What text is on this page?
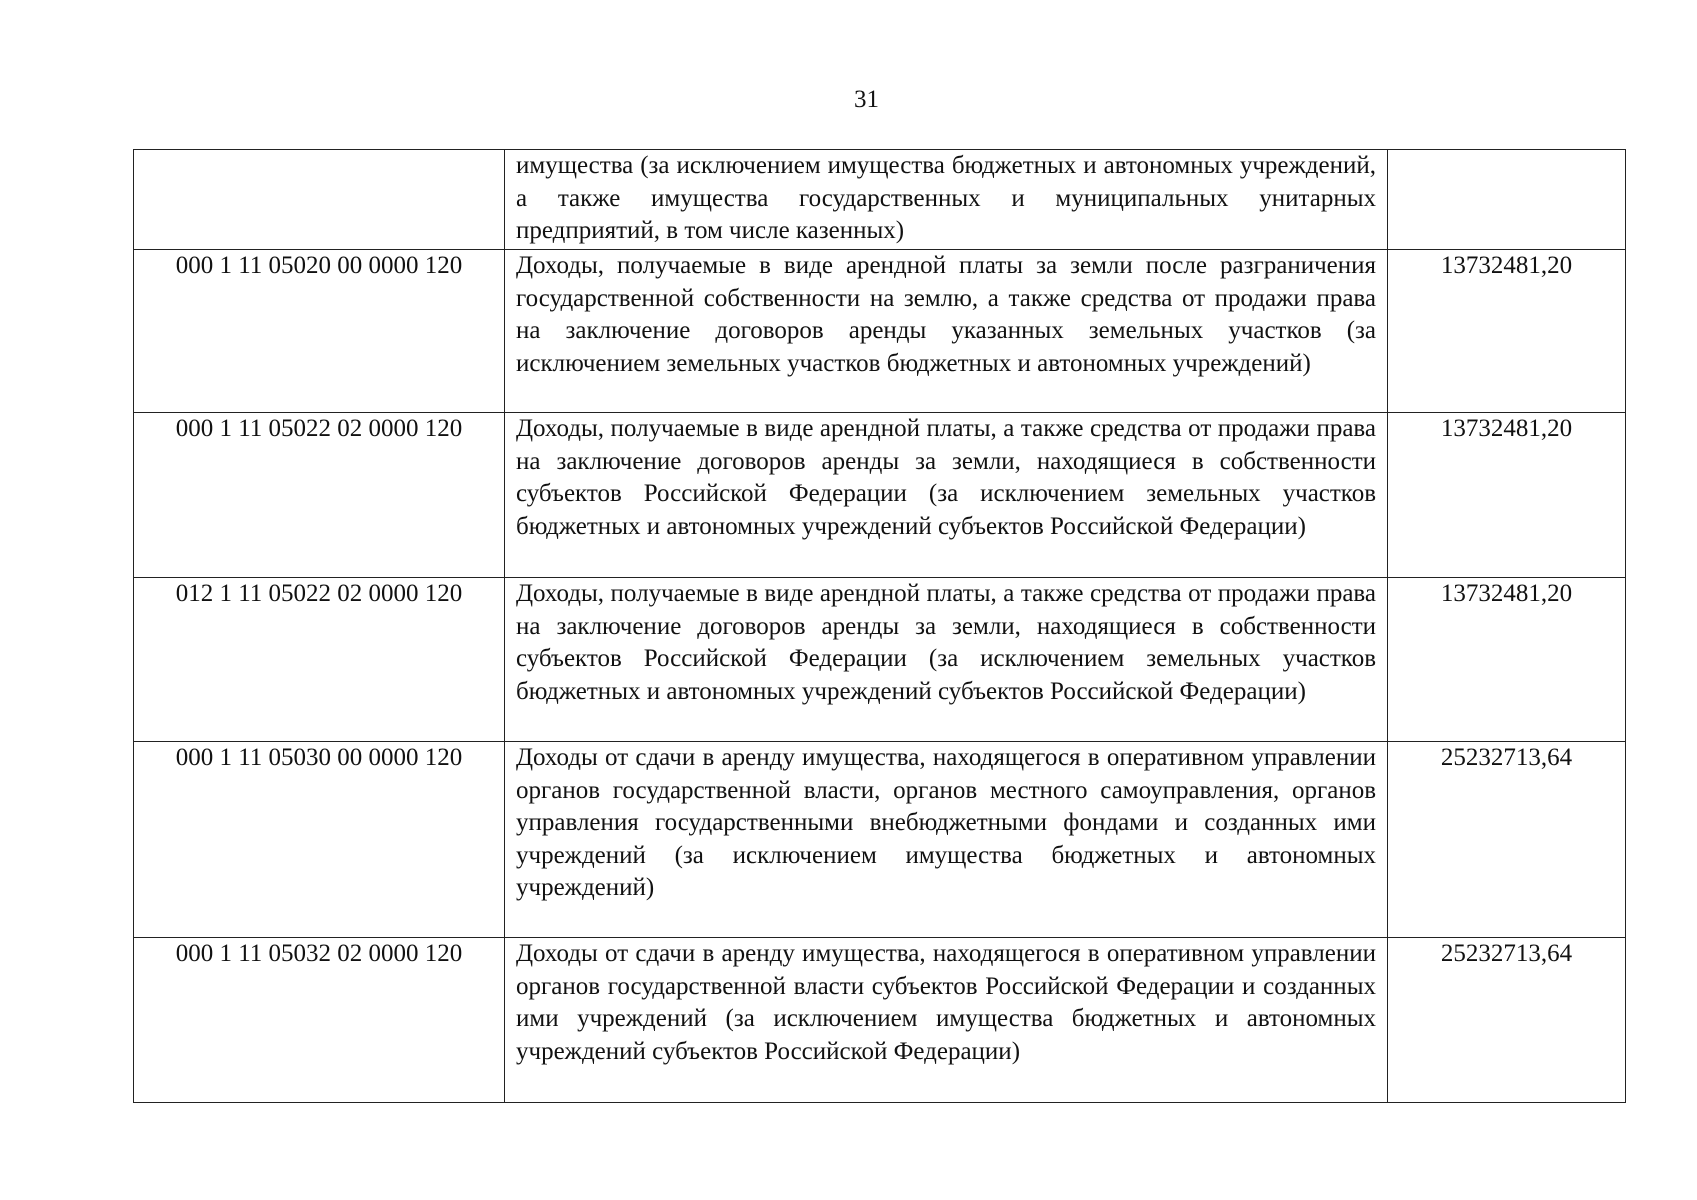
31
	имущества (за исключением имущества бюджетных и автономных учреждений, а также имущества государственных и муниципальных унитарных предприятий, в том числе казенных)	
000 1 11 05020 00 0000 120	Доходы, получаемые в виде арендной платы за земли после разграничения государственной собственности на землю, а также средства от продажи права на заключение договоров аренды указанных земельных участков (за исключением земельных участков бюджетных и автономных учреждений)	13732481,20
000 1 11 05022 02 0000 120	Доходы, получаемые в виде арендной платы, а также средства от продажи права на заключение договоров аренды за земли, находящиеся в собственности субъектов Российской Федерации (за исключением земельных участков бюджетных и автономных учреждений субъектов Российской Федерации)	13732481,20
012 1 11 05022 02 0000 120	Доходы, получаемые в виде арендной платы, а также средства от продажи права на заключение договоров аренды за земли, находящиеся в собственности субъектов Российской Федерации (за исключением земельных участков бюджетных и автономных учреждений субъектов Российской Федерации)	13732481,20
000 1 11 05030 00 0000 120	Доходы от сдачи в аренду имущества, находящегося в оперативном управлении органов государственной власти, органов местного самоуправления, органов управления государственными внебюджетными фондами и созданных ими учреждений (за исключением имущества бюджетных и автономных учреждений)	25232713,64
000 1 11 05032 02 0000 120	Доходы от сдачи в аренду имущества, находящегося в оперативном управлении органов государственной власти субъектов Российской Федерации и созданных ими учреждений (за исключением имущества бюджетных и автономных учреждений субъектов Российской Федерации)	25232713,64
